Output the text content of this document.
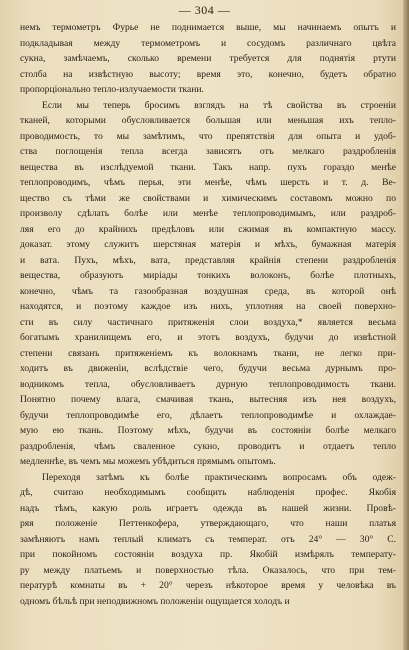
— 304 —
немъ термометръ Фурье не поднимается выше, мы начинаемъ опытъ и
подкладывая между термометромъ и сосудомъ различнаго цвѣта
сукна, замѣчаемъ, сколько времени требуется для поднятія ртути
столба на извѣстную высоту; время это, конечно, будетъ обратно
пропорціонально тепло-излучаемости ткани.
Если мы теперь бросимъ взглядъ на тѣ свойства въ строеніи
тканей, которыми обусловливается большая или меньшая ихъ тепло-
проводимость, то мы замѣтимъ, что препятствія для опыта и удоб-
ства поглощенія тепла всегда зависятъ отъ мелкаго раздробленія
вещества въ изслѣдуемой ткани. Такъ напр. пухъ гораздо менѣе
теплопроводимъ, чѣмъ перья, эти менѣе, чѣмъ шерсть и т. д. Ве-
щество съ тѣми же свойствами и химическимъ составомъ можно по
произволу сдѣлать болѣе или менѣе теплопроводимымъ, или раздроб-
ляя его до крайнихъ предѣловъ или сжимая въ компактную массу.
доказат. этому служитъ шерстяная матерія и мѣхъ, бумажная матерія
и вата. Пухъ, мѣхъ, вата, представляя крайнія степени раздробленія
вещества, образуютъ миріады тонкихъ волоконъ, болѣе плотныхъ,
конечно, чѣмъ та газообразная воздушная среда, въ которой онѣ
находятся, и поэтому каждое изъ нихъ, уплотняя на своей поверхно-
сти въ силу частичнаго притяженія слои воздуха,* является весьма
богатымъ хранилищемъ его, и этотъ воздухъ, будучи до извѣстной
степени связанъ притяженіемъ къ волокнамъ ткани, не легко при-
ходитъ въ движеніи, вслѣдствіе чего, будучи весьма дурнымъ про-
водникомъ тепла, обусловливаетъ дурную теплопроводимость ткани.
Понятно почему влага, смачивая ткань, вытесняя изъ нея воздухъ,
будучи теплопроводимѣе его, дѣлаетъ теплопроводимѣе и охлаждае-
мую ею ткань. Поэтому мѣхъ, будучи въ состояніи болѣе мелкаго
раздробленія, чѣмъ сваленное сукно, проводитъ и отдаетъ тепло
медленнѣе, въ чемъ мы можемъ убѣдиться прямымъ опытомъ.
Переходя затѣмъ къ болѣе практическимъ вопросамъ объ одеж-
дѣ, считаю необходимымъ сообщить наблюденія профес. Якобія
надъ тѣмъ, какую роль играетъ одежда въ нашей жизни. Провѣ-
ряя положеніе Петтенкофера, утверждающаго, что наши платья
замѣняютъ намъ теплый климатъ съ температ. отъ 24° — 30° С.
при покойномъ состояніи воздуха пр. Якобій измѣрялъ температу-
ру между платьемъ и поверхностью тѣла. Оказалось, что при тем-
пературѣ комнаты въ + 20° черезъ нѣкоторое время у человѣка въ
одномъ бѣльѣ при неподвижномъ положеніи ощущается холодъ и
